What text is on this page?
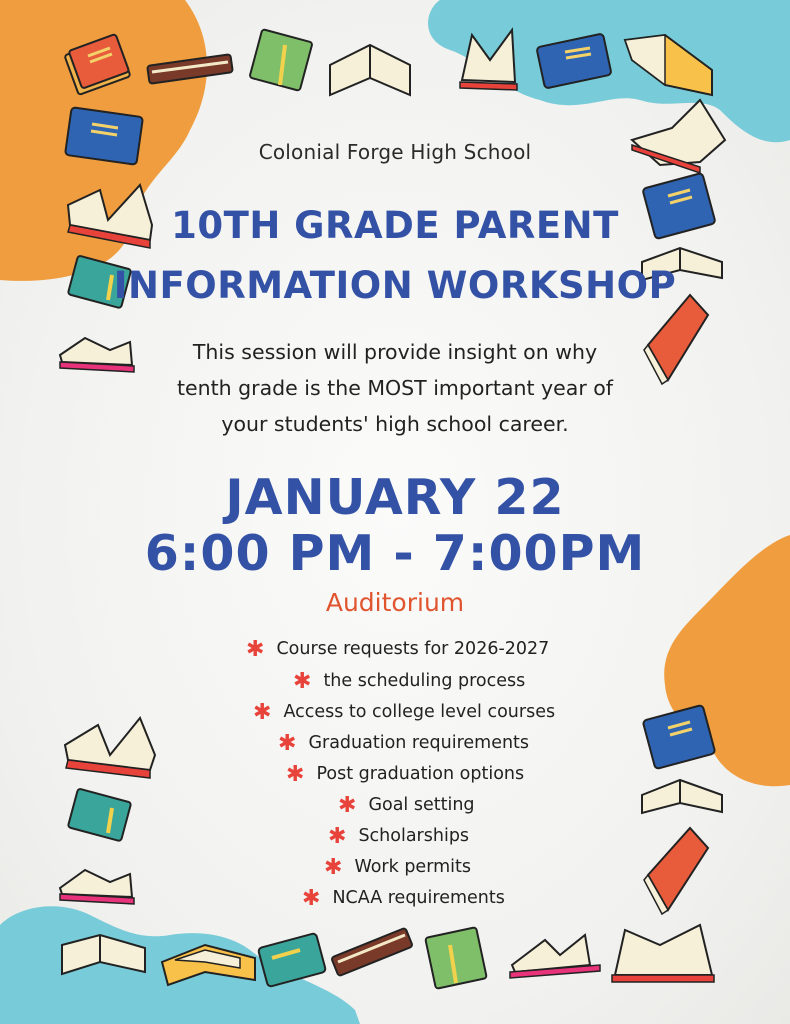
Colonial Forge High School
10TH GRADE PARENT
INFORMATION WORKSHOP
This session will provide insight on why
tenth grade is the MOST important year of
your students' high school career.
JANUARY 22
6:00 PM - 7:00PM
Auditorium
✱ Course requests for 2026-2027
✱ the scheduling process
✱ Access to college level courses
✱ Graduation requirements
✱ Post graduation options
✱ Goal setting
✱ Scholarships
✱ Work permits
✱ NCAA requirements
